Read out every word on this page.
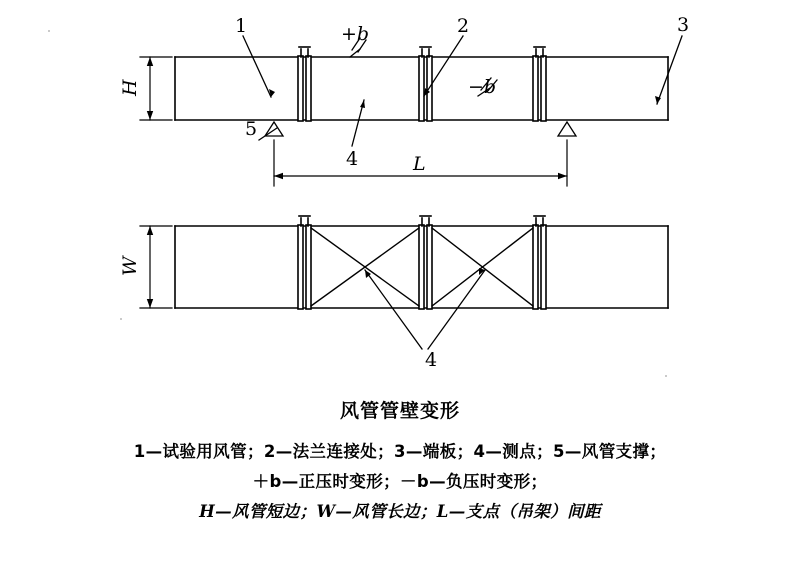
1	2	3
4
5
4
H
W
L
+b
−b
风管管壁变形
1—试验用风管；2—法兰连接处；3—端板；4—测点；5—风管支撑；
＋b—正压时变形；－b—负压时变形；
H—风管短边；W—风管长边；L—支点（吊架）间距
